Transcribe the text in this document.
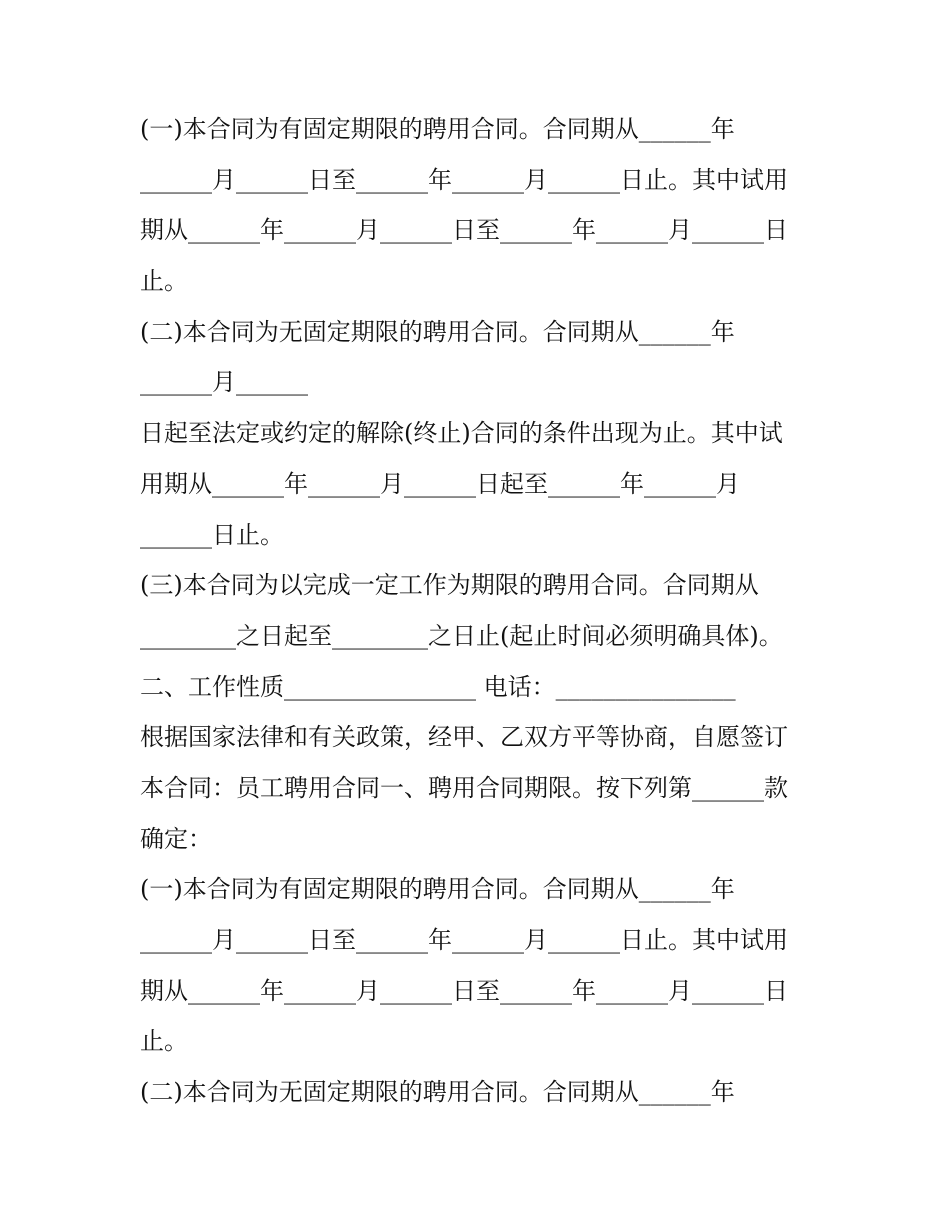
(一)本合同为有固定期限的聘用合同。合同期从______年
______月______日至______年______月______日止。其中试用
期从______年______月______日至______年______月______日
止。
(二)本合同为无固定期限的聘用合同。合同期从______年
______月______
日起至法定或约定的解除(终止)合同的条件出现为止。其中试
用期从______年______月______日起至______年______月
______日止。
(三)本合同为以完成一定工作为期限的聘用合同。合同期从
________之日起至________之日止(起止时间必须明确具体)。
二、工作性质________________ 电话：_______________
根据国家法律和有关政策，经甲、乙双方平等协商，自愿签订
本合同：员工聘用合同一、聘用合同期限。按下列第______款
确定：
(一)本合同为有固定期限的聘用合同。合同期从______年
______月______日至______年______月______日止。其中试用
期从______年______月______日至______年______月______日
止。
(二)本合同为无固定期限的聘用合同。合同期从______年
